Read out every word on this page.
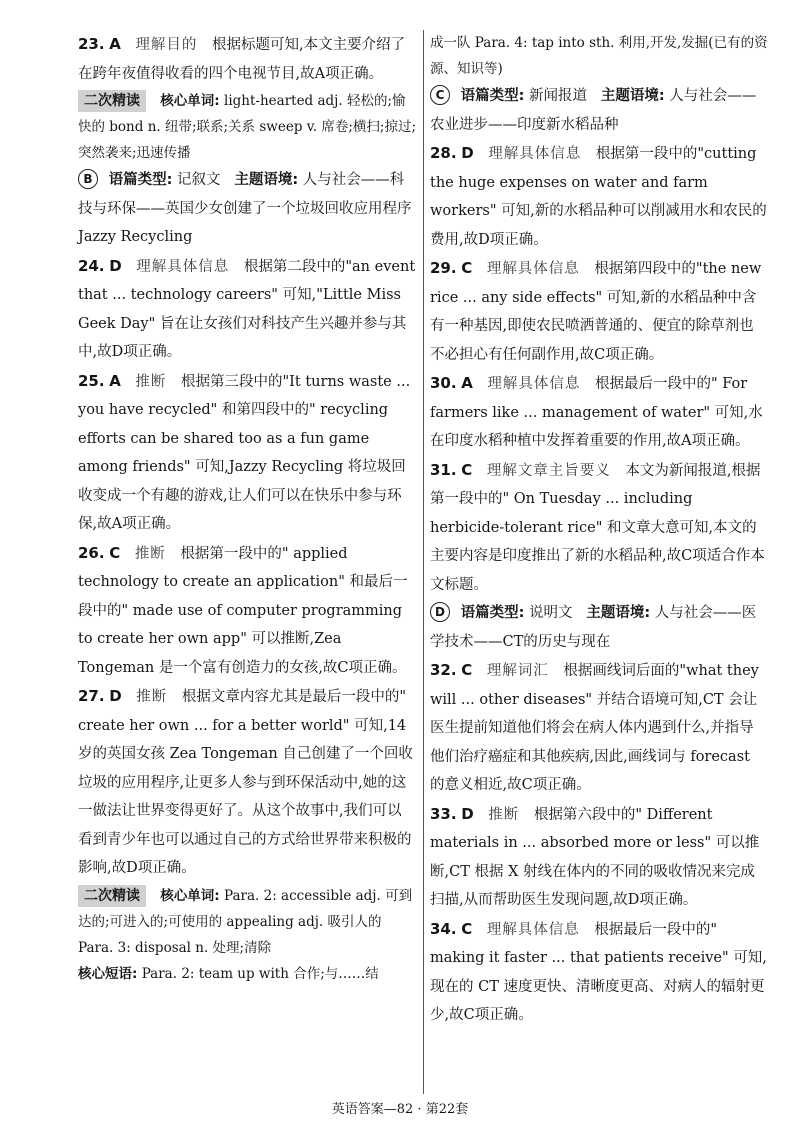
23. A 理解目的 根据标题可知,本文主要介绍了在跨年夜值得收看的四个电视节目,故A项正确。

二次精读 核心单词: light-hearted adj. 轻松的;愉快的 bond n. 纽带;联系;关系 sweep v. 席卷;横扫;掠过;突然袭来;迅速传播

B 语篇类型: 记叙文 主题语境: 人与社会——科技与环保——英国少女创建了一个垃圾回收应用程序 Jazzy Recycling

24. D 理解具体信息 根据第二段中的"an event that ... technology careers" 可知,"Little Miss Geek Day" 旨在让女孩们对科技产生兴趣并参与其中,故D项正确。

25. A 推断 根据第三段中的"It turns waste ... you have recycled" 和第四段中的" recycling efforts can be shared too as a fun game among friends" 可知,Jazzy Recycling 将垃圾回收变成一个有趣的游戏,让人们可以在快乐中参与环保,故A项正确。

26. C 推断 根据第一段中的" applied technology to create an application" 和最后一段中的" made use of computer programming to create her own app" 可以推断,Zea Tongeman 是一个富有创造力的女孩,故C项正确。

27. D 推断 根据文章内容尤其是最后一段中的" create her own ... for a better world" 可知,14 岁的英国女孩 Zea Tongeman 自己创建了一个回收垃圾的应用程序,让更多人参与到环保活动中,她的这一做法让世界变得更好了。从这个故事中,我们可以看到青少年也可以通过自己的方式给世界带来积极的影响,故D项正确。

二次精读 核心单词: Para. 2: accessible adj. 可到达的;可进入的;可使用的 appealing adj. 吸引人的 Para. 3: disposal n. 处理;清除

核心短语: Para. 2: team up with 合作;与……结

成一队 Para. 4: tap into sth. 利用,开发,发掘(已有的资源、知识等)

C 语篇类型: 新闻报道 主题语境: 人与社会——农业进步——印度新水稻品种

28. D 理解具体信息 根据第一段中的"cutting the huge expenses on water and farm workers" 可知,新的水稻品种可以削减用水和农民的费用,故D项正确。

29. C 理解具体信息 根据第四段中的"the new rice ... any side effects" 可知,新的水稻品种中含有一种基因,即使农民喷洒普通的、便宜的除草剂也不必担心有任何副作用,故C项正确。

30. A 理解具体信息 根据最后一段中的" For farmers like ... management of water" 可知,水在印度水稻种植中发挥着重要的作用,故A项正确。

31. C 理解文章主旨要义 本文为新闻报道,根据第一段中的" On Tuesday ... including herbicide-tolerant rice" 和文章大意可知,本文的主要内容是印度推出了新的水稻品种,故C项适合作本文标题。

D 语篇类型: 说明文 主题语境: 人与社会——医学技术——CT的历史与现在

32. C 理解词汇 根据画线词后面的"what they will ... other diseases" 并结合语境可知,CT 会让医生提前知道他们将会在病人体内遇到什么,并指导他们治疗癌症和其他疾病,因此,画线词与 forecast 的意义相近,故C项正确。

33. D 推断 根据第六段中的" Different materials in ... absorbed more or less" 可以推断,CT 根据 X 射线在体内的不同的吸收情况来完成扫描,从而帮助医生发现问题,故D项正确。

34. C 理解具体信息 根据最后一段中的" making it faster ... that patients receive" 可知,现在的 CT 速度更快、清晰度更高、对病人的辐射更少,故C项正确。

英语答案—82 · 第22套
